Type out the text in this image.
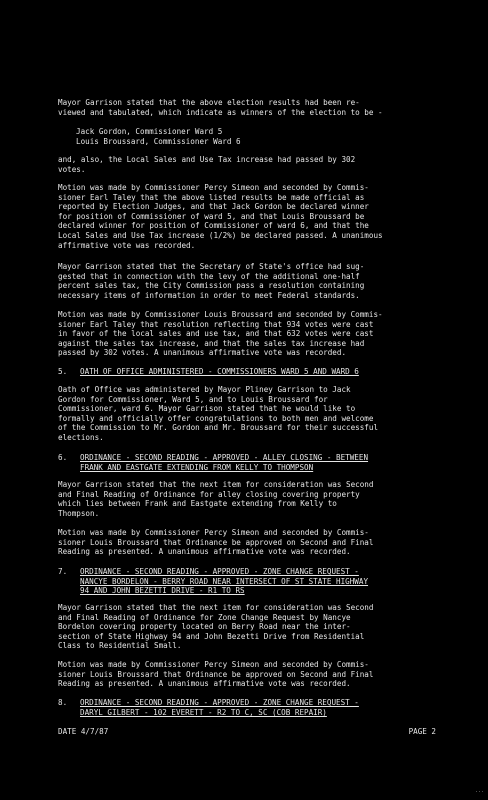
Mayor Garrison stated that the above election results had been re-
viewed and tabulated, which indicate as winners of the election to be -

Jack Gordon, Commissioner Ward 5
Louis Broussard, Commissioner Ward 6

and, also, the Local Sales and Use Tax increase had passed by 302
votes.

Motion was made by Commissioner Percy Simeon and seconded by Commis-
sioner Earl Taley that the above listed results be made official as
reported by Election Judges, and that Jack Gordon be declared winner
for position of Commissioner of ward 5, and that Louis Broussard be
declared winner for position of Commissioner of ward 6, and that the
Local Sales and Use Tax increase (1/2%) be declared passed. A unanimous
affirmative vote was recorded.

Mayor Garrison stated that the Secretary of State's office had sug-
gested that in connection with the levy of the additional one-half
percent sales tax, the City Commission pass a resolution containing
necessary items of information in order to meet Federal standards.

Motion was made by Commissioner Louis Broussard and seconded by Commis-
sioner Earl Taley that resolution reflecting that 934 votes were cast
in favor of the local sales and use tax, and that 632 votes were cast
against the sales tax increase, and that the sales tax increase had
passed by 302 votes. A unanimous affirmative vote was recorded.

5.	OATH OF OFFICE ADMINISTERED - COMMISSIONERS WARD 5 AND WARD 6

Oath of Office was administered by Mayor Pliney Garrison to Jack
Gordon for Commissioner, Ward 5, and to Louis Broussard for
Commissioner, ward 6. Mayor Garrison stated that he would like to
formally and officially offer congratulations to both men and welcome
of the Commission to Mr. Gordon and Mr. Broussard for their successful
elections.

6.	ORDINANCE - SECOND READING - APPROVED - ALLEY CLOSING - BETWEEN
FRANK AND EASTGATE EXTENDING FROM KELLY TO THOMPSON

Mayor Garrison stated that the next item for consideration was Second
and Final Reading of Ordinance for alley closing covering property
which lies between Frank and Eastgate extending from Kelly to
Thompson.

Motion was made by Commissioner Percy Simeon and seconded by Commis-
sioner Louis Broussard that Ordinance be approved on Second and Final
Reading as presented. A unanimous affirmative vote was recorded.

7.	ORDINANCE - SECOND READING - APPROVED - ZONE CHANGE REQUEST -
NANCYE BORDELON - BERRY ROAD NEAR INTERSECT OF ST STATE HIGHWAY
94 AND JOHN BEZETTI DRIVE - R1 TO RS

Mayor Garrison stated that the next item for consideration was Second
and Final Reading of Ordinance for Zone Change Request by Nancye
Bordelon covering property located on Berry Road near the inter-
section of State Highway 94 and John Bezetti Drive from Residential
Class to Residential Small.

Motion was made by Commissioner Percy Simeon and seconded by Commis-
sioner Louis Broussard that Ordinance be approved on Second and Final
Reading as presented. A unanimous affirmative vote was recorded.

8.	ORDINANCE - SECOND READING - APPROVED - ZONE CHANGE REQUEST -
DARYL GILBERT - 102 EVERETT - R2 TO C, SC (COB REPAIR)
DATE 4/7/87	PAGE 2
...
